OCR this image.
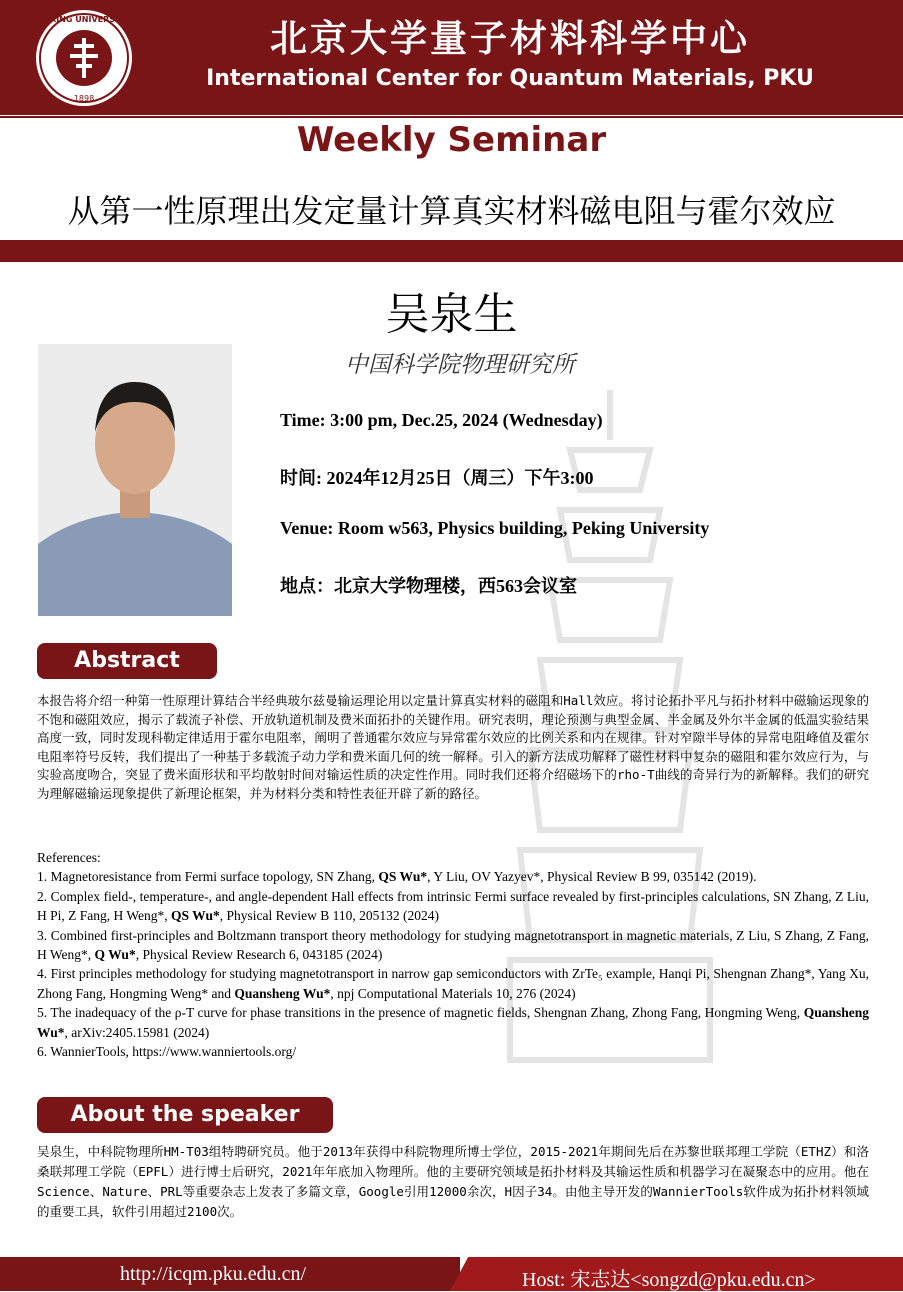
PEKING UNIVERSITY
1898
北京大学量子材料科学中心
International Center for Quantum Materials, PKU
Weekly Seminar
从第一性原理出发定量计算真实材料磁电阻与霍尔效应
吴泉生
中国科学院物理研究所
Time: 3:00 pm, Dec.25, 2024 (Wednesday)
时间: 2024年12月25日（周三）下午3:00
Venue: Room w563, Physics building, Peking University
地点：北京大学物理楼，西563会议室
Abstract
本报告将介绍一种第一性原理计算结合半经典玻尔兹曼输运理论用以定量计算真实材料的磁阻和Hall效应。将讨论拓扑平凡与拓扑材料中磁输运现象的不饱和磁阻效应，揭示了载流子补偿、开放轨道机制及费米面拓扑的关键作用。研究表明，理论预测与典型金属、半金属及外尔半金属的低温实验结果高度一致，同时发现科勒定律适用于霍尔电阻率，阐明了普通霍尔效应与异常霍尔效应的比例关系和内在规律。针对窄隙半导体的异常电阻峰值及霍尔电阻率符号反转，我们提出了一种基于多载流子动力学和费米面几何的统一解释。引入的新方法成功解释了磁性材料中复杂的磁阻和霍尔效应行为，与实验高度吻合，突显了费米面形状和平均散射时间对输运性质的决定性作用。同时我们还将介绍磁场下的rho-T曲线的奇异行为的新解释。我们的研究为理解磁输运现象提供了新理论框架，并为材料分类和特性表征开辟了新的路径。

References:

1. Magnetoresistance from Fermi surface topology, SN Zhang, QS Wu*, Y Liu, OV Yazyev*, Physical Review B 99, 035142 (2019).

2. Complex field-, temperature-, and angle-dependent Hall effects from intrinsic Fermi surface revealed by first-principles calculations, SN Zhang, Z Liu, H Pi, Z Fang, H Weng*, QS Wu*, Physical Review B 110, 205132 (2024)

3. Combined first-principles and Boltzmann transport theory methodology for studying magnetotransport in magnetic materials, Z Liu, S Zhang, Z Fang, H Weng*, Q Wu*, Physical Review Research 6, 043185 (2024)

4. First principles methodology for studying magnetotransport in narrow gap semiconductors with ZrTe₅ example, Hanqi Pi, Shengnan Zhang*, Yang Xu, Zhong Fang, Hongming Weng* and Quansheng Wu*, npj Computational Materials 10, 276 (2024)

5. The inadequacy of the ρ-T curve for phase transitions in the presence of magnetic fields, Shengnan Zhang, Zhong Fang, Hongming Weng, Quansheng Wu*, arXiv:2405.15981 (2024)

6. WannierTools, https://www.wanniertools.org/

About the speaker
吴泉生，中科院物理所HM-T03组特聘研究员。他于2013年获得中科院物理所博士学位，2015-2021年期间先后在苏黎世联邦理工学院（ETHZ）和洛桑联邦理工学院（EPFL）进行博士后研究，2021年年底加入物理所。他的主要研究领域是拓扑材料及其输运性质和机器学习在凝聚态中的应用。他在Science、Nature、PRL等重要杂志上发表了多篇文章，Google引用12000余次，H因子34。由他主导开发的WannierTools软件成为拓扑材料领域的重要工具，软件引用超过2100次。
http://icqm.pku.edu.cn/	Host: 宋志达<songzd@pku.edu.cn>
